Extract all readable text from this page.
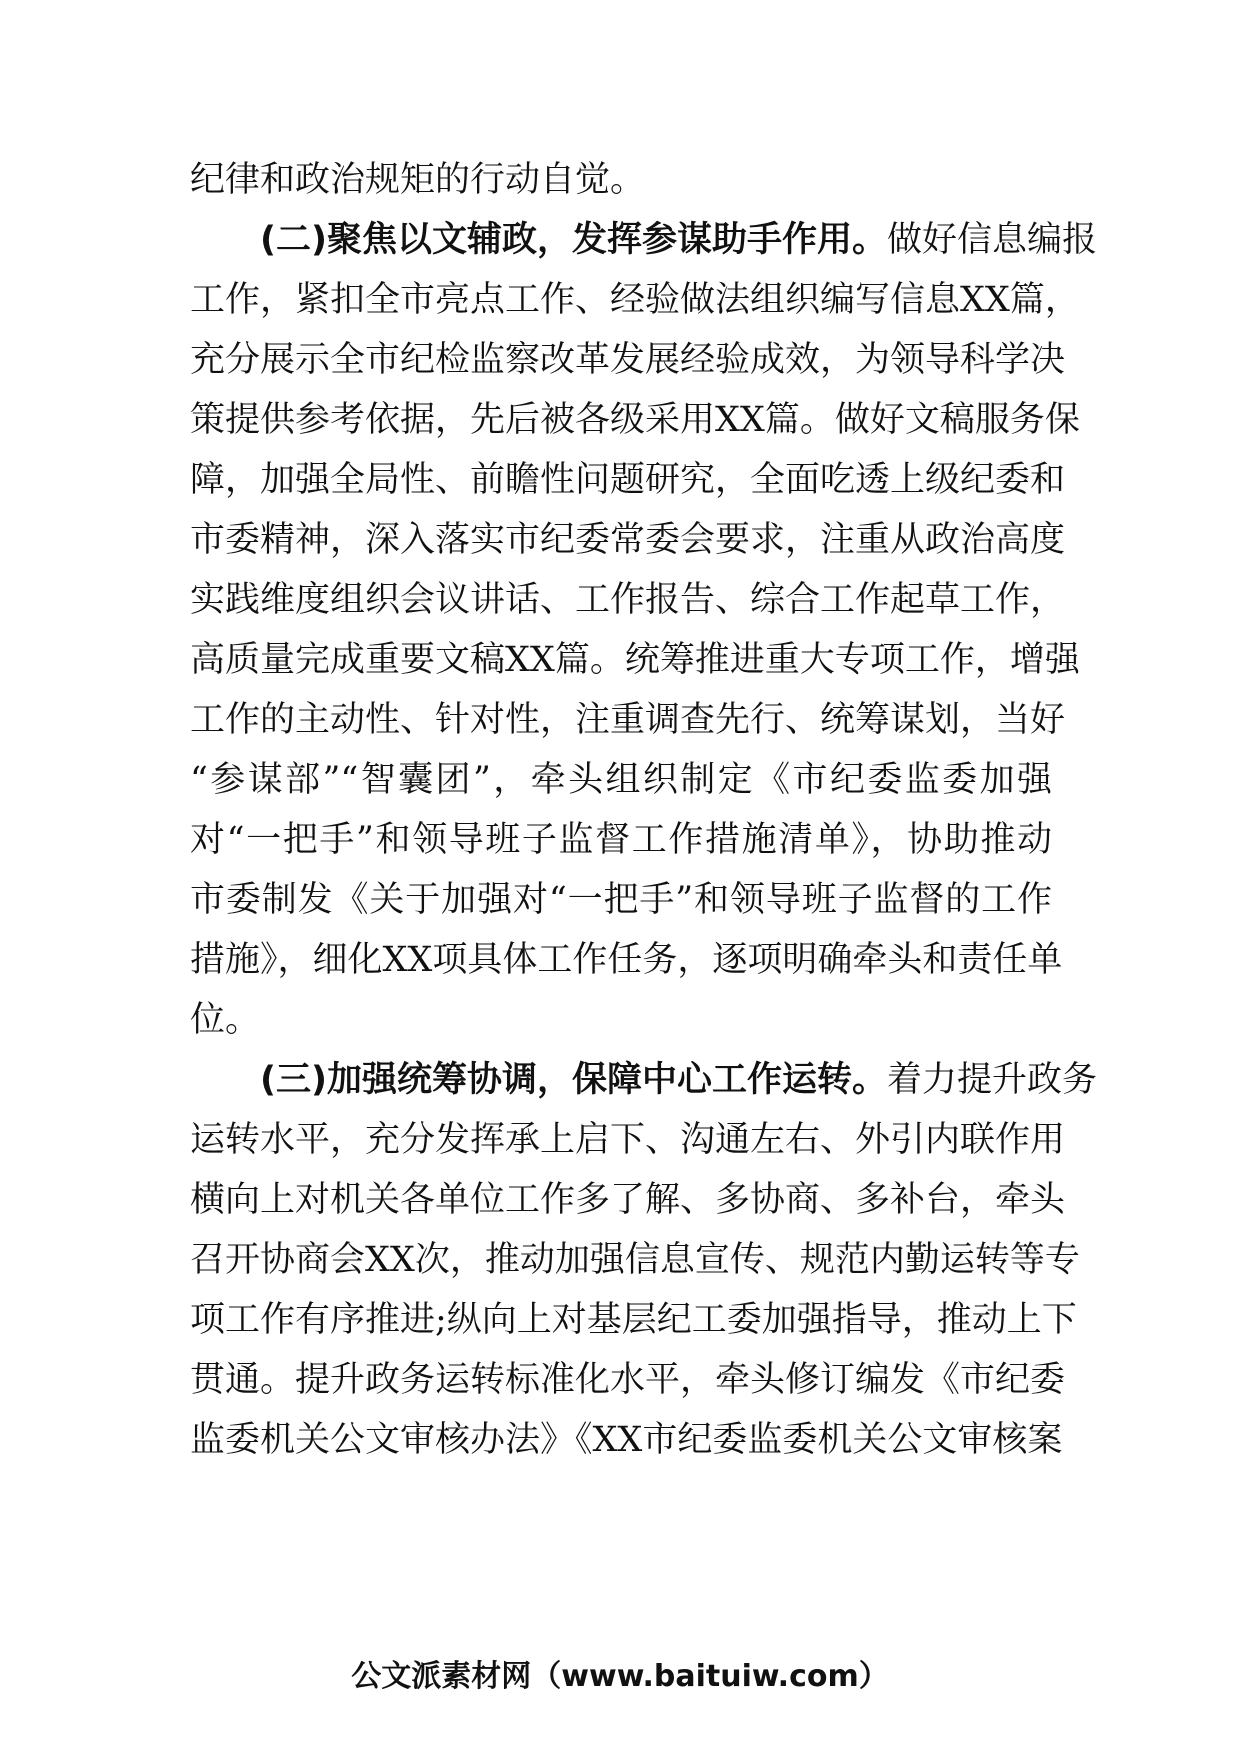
纪律和政治规矩的行动自觉。
(二)聚焦以文辅政，发挥参谋助手作用。做好信息编报
工作，紧扣全市亮点工作、经验做法组织编写信息XX篇，
充分展示全市纪检监察改革发展经验成效，为领导科学决
策提供参考依据，先后被各级采用XX篇。做好文稿服务保
障，加强全局性、前瞻性问题研究，全面吃透上级纪委和
市委精神，深入落实市纪委常委会要求，注重从政治高度
实践维度组织会议讲话、工作报告、综合工作起草工作，
高质量完成重要文稿XX篇。统筹推进重大专项工作，增强
工作的主动性、针对性，注重调查先行、统筹谋划，当好
“参谋部”“智囊团”，牵头组织制定《市纪委监委加强
对“一把手”和领导班子监督工作措施清单》，协助推动
市委制发《关于加强对“一把手”和领导班子监督的工作
措施》，细化XX项具体工作任务，逐项明确牵头和责任单
位。
(三)加强统筹协调，保障中心工作运转。着力提升政务
运转水平，充分发挥承上启下、沟通左右、外引内联作用
横向上对机关各单位工作多了解、多协商、多补台，牵头
召开协商会XX次，推动加强信息宣传、规范内勤运转等专
项工作有序推进;纵向上对基层纪工委加强指导，推动上下
贯通。提升政务运转标准化水平，牵头修订编发《市纪委
监委机关公文审核办法》《XX市纪委监委机关公文审核案
公文派素材网（www.baituiw.com）
